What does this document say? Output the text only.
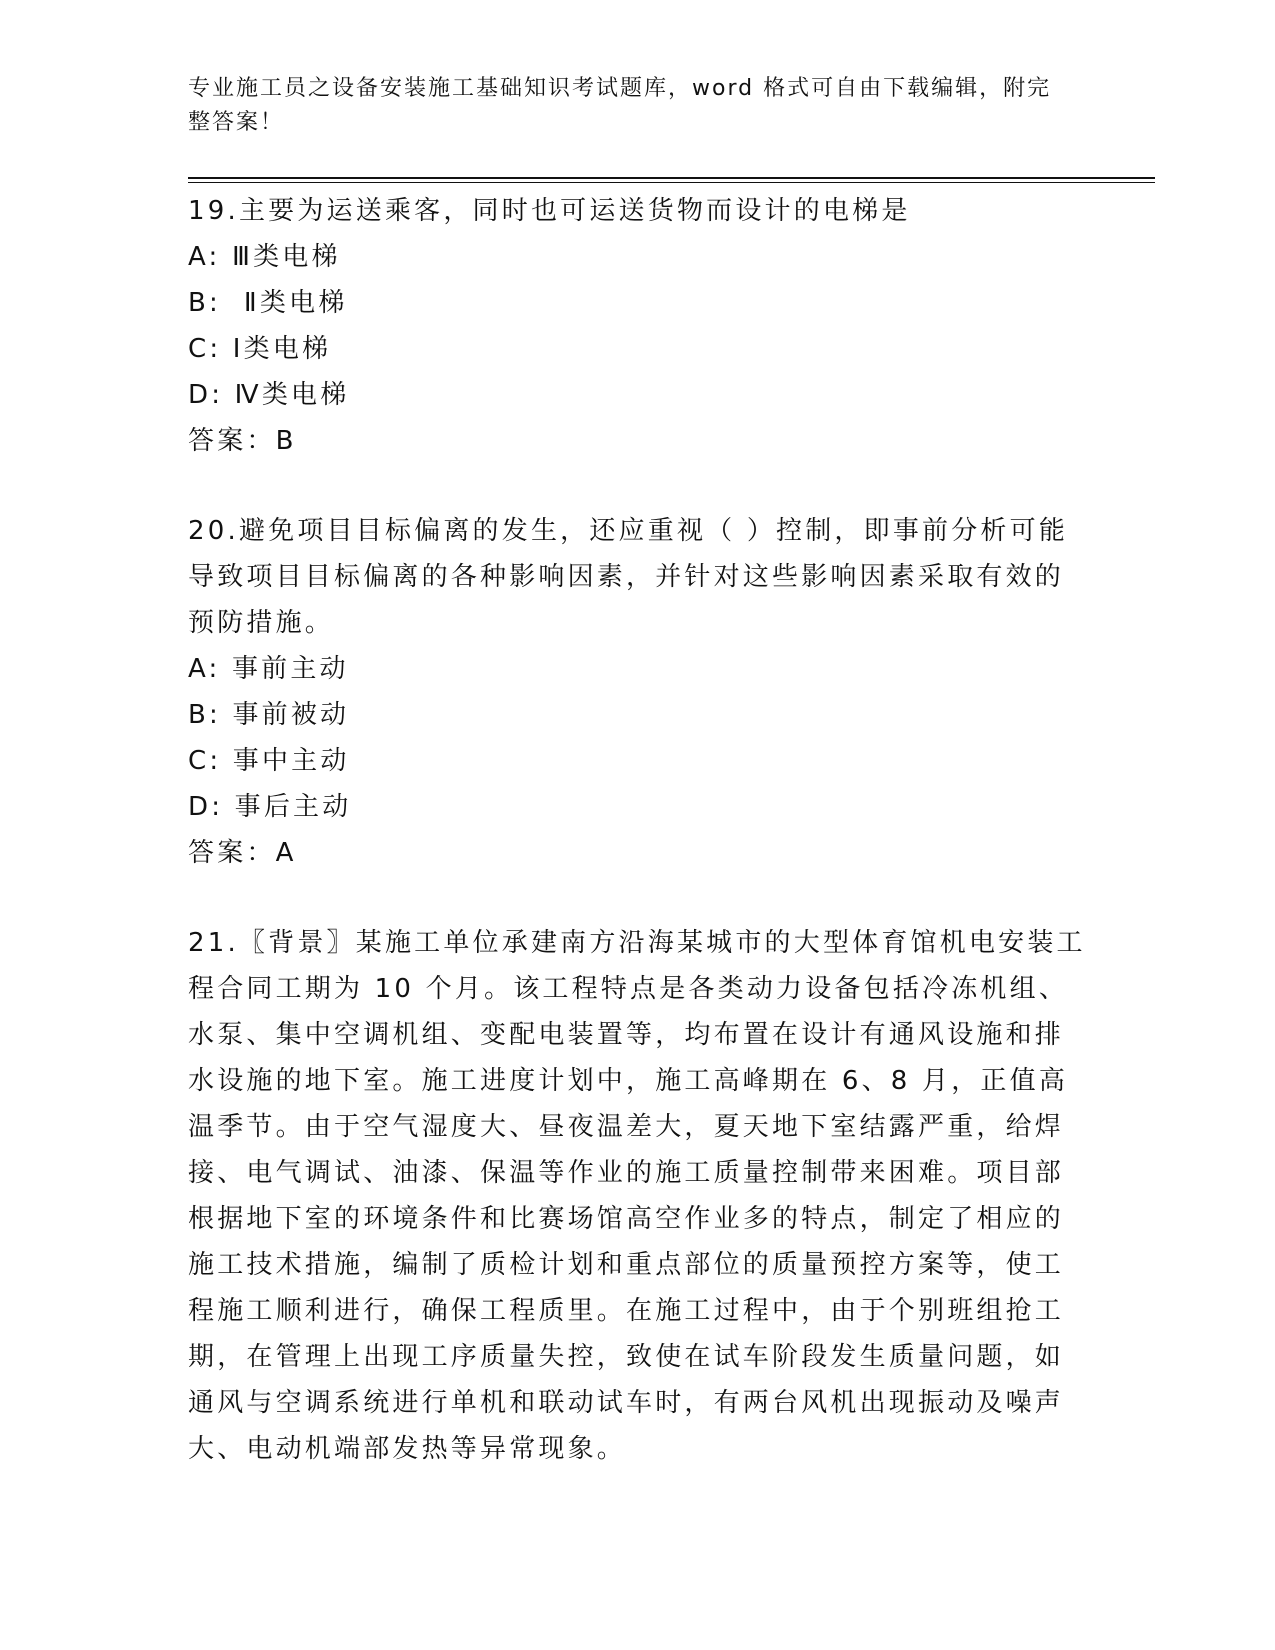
专业施工员之设备安装施工基础知识考试题库，word 格式可自由下载编辑，附完整答案！

19.主要为运送乘客，同时也可运送货物而设计的电梯是

A: Ⅲ类电梯

B:  Ⅱ类电梯

C: Ⅰ类电梯

D: Ⅳ类电梯

答案：B

20.避免项目目标偏离的发生，还应重视（ ）控制，即事前分析可能导致项目目标偏离的各种影响因素，并针对这些影响因素采取有效的预防措施。

A: 事前主动

B: 事前被动

C: 事中主动

D: 事后主动

答案：A

21.〖背景〗某施工单位承建南方沿海某城市的大型体育馆机电安装工程合同工期为 10 个月。该工程特点是各类动力设备包括冷冻机组、水泵、集中空调机组、变配电装置等，均布置在设计有通风设施和排水设施的地下室。施工进度计划中，施工高峰期在 6、8 月，正值高温季节。由于空气湿度大、昼夜温差大，夏天地下室结露严重，给焊接、电气调试、油漆、保温等作业的施工质量控制带来困难。项目部根据地下室的环境条件和比赛场馆高空作业多的特点，制定了相应的施工技术措施，编制了质检计划和重点部位的质量预控方案等，使工程施工顺利进行，确保工程质里。在施工过程中，由于个别班组抢工期，在管理上出现工序质量失控，致使在试车阶段发生质量问题，如通风与空调系统进行单机和联动试车时，有两台风机出现振动及噪声大、电动机端部发热等异常现象。
